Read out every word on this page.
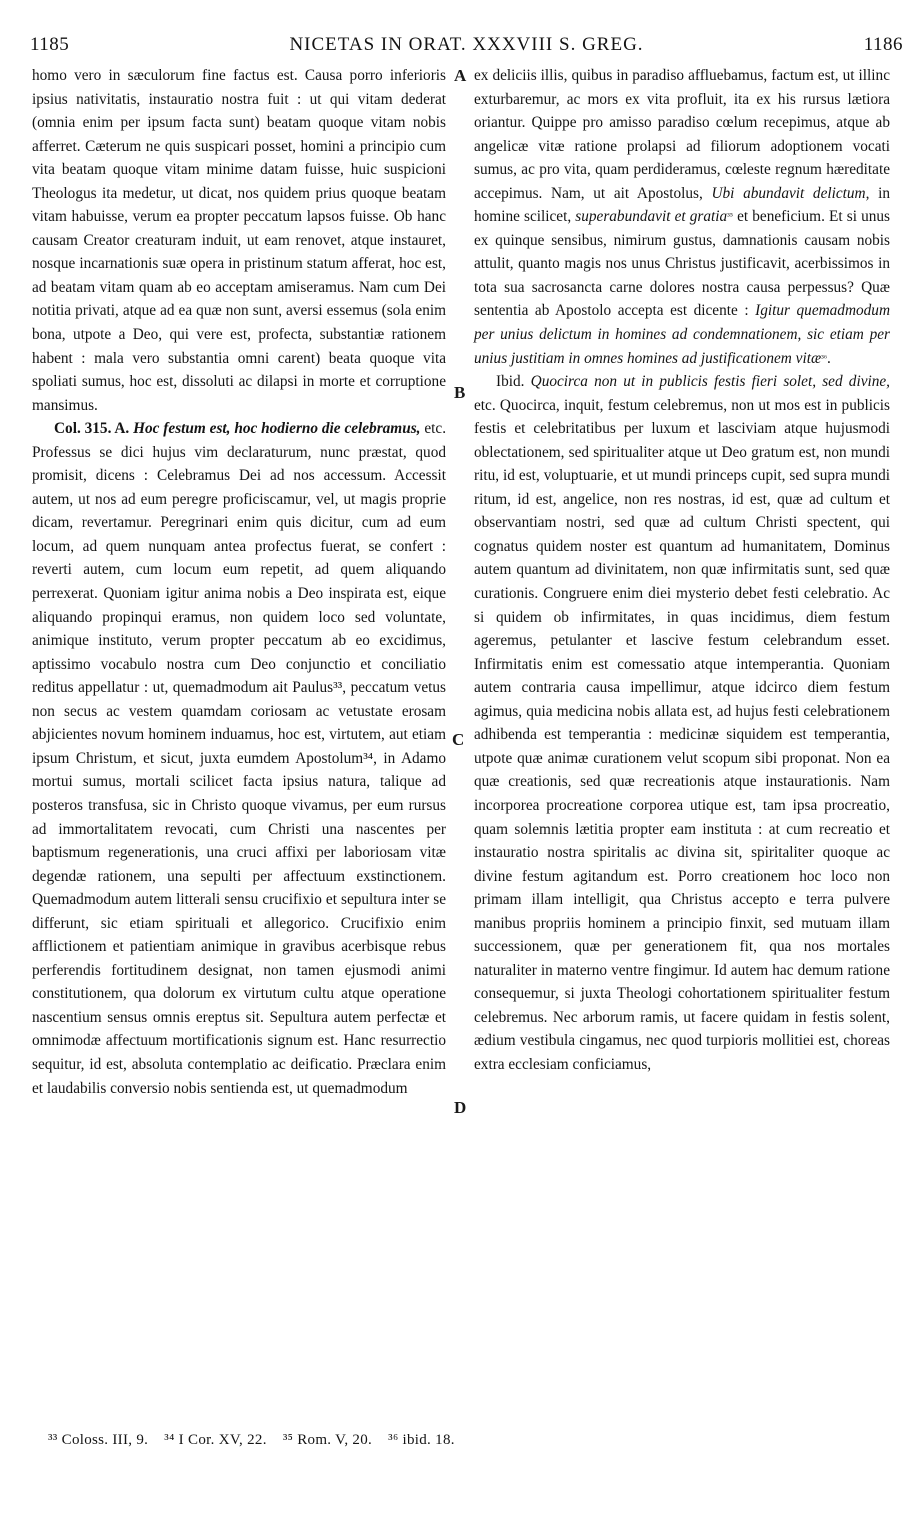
1185	NICETAS IN ORAT. XXXVIII S. GREG.	1186

homo vero in sæculorum fine factus est. Causa porro inferioris ipsius nativitatis, instauratio nostra fuit : ut qui vitam dederat (omnia enim per ipsum facta sunt) beatam quoque vitam nobis afferret. Cæterum ne quis suspicari posset, homini a principio cum vita beatam quoque vitam minime datam fuisse, huic suspicioni Theologus ita medetur, ut dicat, nos quidem prius quoque beatam vitam habuisse, verum ea propter peccatum lapsos fuisse. Ob hanc causam Creator creaturam induit, ut eam renovet, atque instauret, nosque incarnationis suæ opera in pristinum statum afferat, hoc est, ad beatam vitam quam ab eo acceptam amiseramus. Nam cum Dei notitia privati, atque ad ea quæ non sunt, aversi essemus (sola enim bona, utpote a Deo, qui vere est, profecta, substantiæ rationem habent : mala vero substantia omni carent) beata quoque vita spoliati sumus, hoc est, dissoluti ac dilapsi in morte et corruptione mansimus.

Col. 315. A. Hoc festum est, hoc hodierno die celebramus, etc. Professus se dici hujus vim declaraturum, nunc præstat, quod promisit, dicens : Celebramus Dei ad nos accessum. Accessit autem, ut nos ad eum peregre proficiscamur, vel, ut magis proprie dicam, revertamur. Peregrinari enim quis dicitur, cum ad eum locum, ad quem nunquam antea profectus fuerat, se confert : reverti autem, cum locum eum repetit, ad quem aliquando perrexerat. Quoniam igitur anima nobis a Deo inspirata est, eique aliquando propinqui eramus, non quidem loco sed voluntate, animique instituto, verum propter peccatum ab eo excidimus, aptissimo vocabulo nostra cum Deo conjunctio et conciliatio reditus appellatur : ut, quemadmodum ait Paulus³³, peccatum vetus non secus ac vestem quamdam coriosam ac vetustate erosam abjicientes novum hominem induamus, hoc est, virtutem, aut etiam ipsum Christum, et sicut, juxta eumdem Apostolum³⁴, in Adamo mortui sumus, mortali scilicet facta ipsius natura, talique ad posteros transfusa, sic in Christo quoque vivamus, per eum rursus ad immortalitatem revocati, cum Christi una nascentes per baptismum regenerationis, una cruci affixi per laboriosam vitæ degendæ rationem, una sepulti per affectuum exstinctionem. Quemadmodum autem litterali sensu crucifixio et sepultura inter se differunt, sic etiam spirituali et allegorico. Crucifixio enim afflictionem et patientiam animique in gravibus acerbisque rebus perferendis fortitudinem designat, non tamen ejusmodi animi constitutionem, qua dolorum ex virtutum cultu atque operatione nascentium sensus omnis ereptus sit. Sepultura autem perfectæ et omnimodæ affectuum mortificationis signum est. Hanc resurrectio sequitur, id est, absoluta contemplatio ac deificatio. Præclara enim et laudabilis conversio nobis sentienda est, ut quemadmodum

ex deliciis illis, quibus in paradiso affluebamus, factum est, ut illinc exturbaremur, ac mors ex vita profluit, ita ex his rursus lætiora oriantur. Quippe pro amisso paradiso cœlum recepimus, atque ab angelicæ vitæ ratione prolapsi ad filiorum adoptionem vocati sumus, ac pro vita, quam perdideramus, cœleste regnum hæreditate accepimus. Nam, ut ait Apostolus, Ubi abundavit delictum, in homine scilicet, superabundavit et gratia$^{^{35}}$ et beneficium. Et si unus ex quinque sensibus, nimirum gustus, damnationis causam nobis attulit, quanto magis nos unus Christus justificavit, acerbissimos in tota sua sacrosancta carne dolores nostra causa perpessus? Quæ sententia ab Apostolo accepta est dicente : Igitur quemadmodum per unius delictum in homines ad condemnationem, sic etiam per unius justitiam in omnes homines ad justificationem vitæ$^{^{36}}$.

Ibid. Quocirca non ut in publicis festis fieri solet, sed divine, etc. Quocirca, inquit, festum celebremus, non ut mos est in publicis festis et celebritatibus per luxum et lasciviam atque hujusmodi oblectationem, sed spiritualiter atque ut Deo gratum est, non mundi ritu, id est, voluptuarie, et ut mundi princeps cupit, sed supra mundi ritum, id est, angelice, non res nostras, id est, quæ ad cultum et observantiam nostri, sed quæ ad cultum Christi spectent, qui cognatus quidem noster est quantum ad humanitatem, Dominus autem quantum ad divinitatem, non quæ infirmitatis sunt, sed quæ curationis. Congruere enim diei mysterio debet festi celebratio. Ac si quidem ob infirmitates, in quas incidimus, diem festum ageremus, petulanter et lascive festum celebrandum esset. Infirmitatis enim est comessatio atque intemperantia. Quoniam autem contraria causa impellimur, atque idcirco diem festum agimus, quia medicina nobis allata est, ad hujus festi celebrationem adhibenda est temperantia : medicinæ siquidem est temperantia, utpote quæ animæ curationem velut scopum sibi proponat. Non ea quæ creationis, sed quæ recreationis atque instaurationis. Nam incorporea procreatione corporea utique est, tam ipsa procreatio, quam solemnis lætitia propter eam instituta : at cum recreatio et instauratio nostra spiritalis ac divina sit, spiritaliter quoque ac divine festum agitandum est. Porro creationem hoc loco non primam illam intelligit, qua Christus accepto e terra pulvere manibus propriis hominem a principio finxit, sed mutuam illam successionem, quæ per generationem fit, qua nos mortales naturaliter in materno ventre fingimur. Id autem hac demum ratione consequemur, si juxta Theologi cohortationem spiritualiter festum celebremus. Nec arborum ramis, ut facere quidam in festis solent, ædium vestibula cingamus, nec quod turpioris mollitiei est, choreas extra ecclesiam conficiamus,

A
B
C
D
³³ Coloss. III, 9. ³⁴ I Cor. XV, 22. ³⁵ Rom. V, 20. ³⁶ ibid. 18.
